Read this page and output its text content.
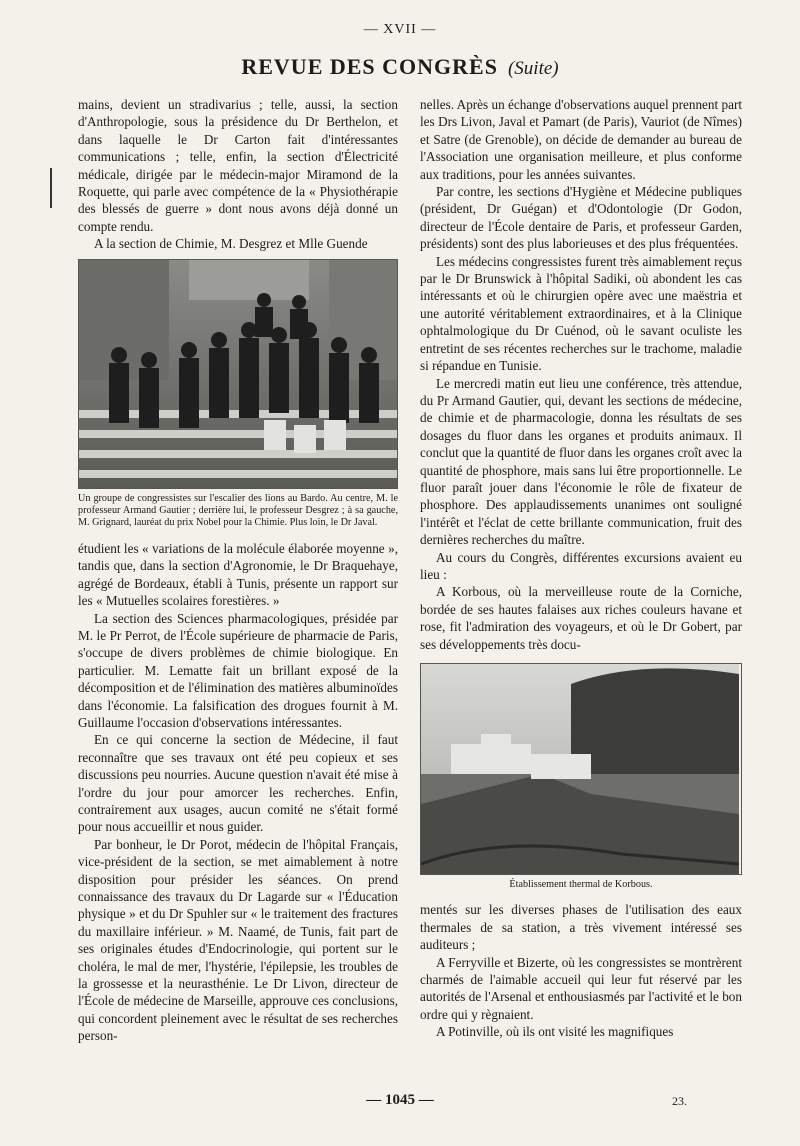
— XVII —
REVUE DES CONGRÈS (Suite)

mains, devient un stradivarius ; telle, aussi, la section d'Anthropologie, sous la présidence du Dr Berthelon, et dans laquelle le Dr Carton fait d'intéressantes communications ; telle, enfin, la section d'Électricité médicale, dirigée par le médecin-major Miramond de la Roquette, qui parle avec compétence de la « Physiothérapie des blessés de guerre » dont nous avons déjà donné un compte rendu.

A la section de Chimie, M. Desgrez et Mlle Guende

Un groupe de congressistes sur l'escalier des lions au Bardo. Au centre, M. le professeur Armand Gautier ; derrière lui, le professeur Desgrez ; à sa gauche, M. Grignard, lauréat du prix Nobel pour la Chimie. Plus loin, le Dr Javal.

étudient les « variations de la molécule élaborée moyenne », tandis que, dans la section d'Agronomie, le Dr Braquehaye, agrégé de Bordeaux, établi à Tunis, présente un rapport sur les « Mutuelles scolaires forestières. »

La section des Sciences pharmacologiques, présidée par M. le Pr Perrot, de l'École supérieure de pharmacie de Paris, s'occupe de divers problèmes de chimie biologique. En particulier. M. Lematte fait un brillant exposé de la décomposition et de l'élimination des matières albuminoïdes dans l'économie. La falsification des drogues fournit à M. Guillaume l'occasion d'observations intéressantes.

En ce qui concerne la section de Médecine, il faut reconnaître que ses travaux ont été peu copieux et ses discussions peu nourries. Aucune question n'avait été mise à l'ordre du jour pour amorcer les recherches. Enfin, contrairement aux usages, aucun comité ne s'était formé pour nous accueillir et nous guider.

Par bonheur, le Dr Porot, médecin de l'hôpital Français, vice-président de la section, se met aimablement à notre disposition pour présider les séances. On prend connaissance des travaux du Dr Lagarde sur « l'Éducation physique » et du Dr Spuhler sur « le traitement des fractures du maxillaire inférieur. » M. Naamé, de Tunis, fait part de ses originales études d'Endocrinologie, qui portent sur le choléra, le mal de mer, l'hystérie, l'épilepsie, les troubles de la grossesse et la neurasthénie. Le Dr Livon, directeur de l'École de médecine de Marseille, approuve ces conclusions, qui concordent pleinement avec le résultat de ses recherches person-

nelles. Après un échange d'observations auquel prennent part les Drs Livon, Javal et Pamart (de Paris), Vauriot (de Nîmes) et Satre (de Grenoble), on décide de demander au bureau de l'Association une organisation meilleure, et plus conforme aux traditions, pour les années suivantes.

Par contre, les sections d'Hygiène et Médecine publiques (président, Dr Guégan) et d'Odontologie (Dr Godon, directeur de l'École dentaire de Paris, et professeur Garden, présidents) sont des plus laborieuses et des plus fréquentées.

Les médecins congressistes furent très aimablement reçus par le Dr Brunswick à l'hôpital Sadiki, où abondent les cas intéressants et où le chirurgien opère avec une maëstria et une autorité véritablement extraordinaires, et à la Clinique ophtalmologique du Dr Cuénod, où le savant oculiste les entretint de ses récentes recherches sur le trachome, maladie si répandue en Tunisie.

Le mercredi matin eut lieu une conférence, très attendue, du Pr Armand Gautier, qui, devant les sections de médecine, de chimie et de pharmacologie, donna les résultats de ses dosages du fluor dans les organes et produits animaux. Il conclut que la quantité de fluor dans les organes croît avec la quantité de phosphore, mais sans lui être proportionnelle. Le fluor paraît jouer dans l'économie le rôle de fixateur de phosphore. Des applaudissements unanimes ont souligné l'intérêt et l'éclat de cette brillante communication, fruit des dernières recherches du maître.

Au cours du Congrès, différentes excursions avaient eu lieu :

A Korbous, où la merveilleuse route de la Corniche, bordée de ses hautes falaises aux riches couleurs havane et rose, fit l'admiration des voyageurs, et où le Dr Gobert, par ses développements très docu-

Établissement thermal de Korbous.

mentés sur les diverses phases de l'utilisation des eaux thermales de sa station, a très vivement intéressé ses auditeurs ;

A Ferryville et Bizerte, où les congressistes se montrèrent charmés de l'aimable accueil qui leur fut réservé par les autorités de l'Arsenal et enthousiasmés par l'activité et le bon ordre qui y règnaient.

A Potinville, où ils ont visité les magnifiques

— 1045 —	23.
